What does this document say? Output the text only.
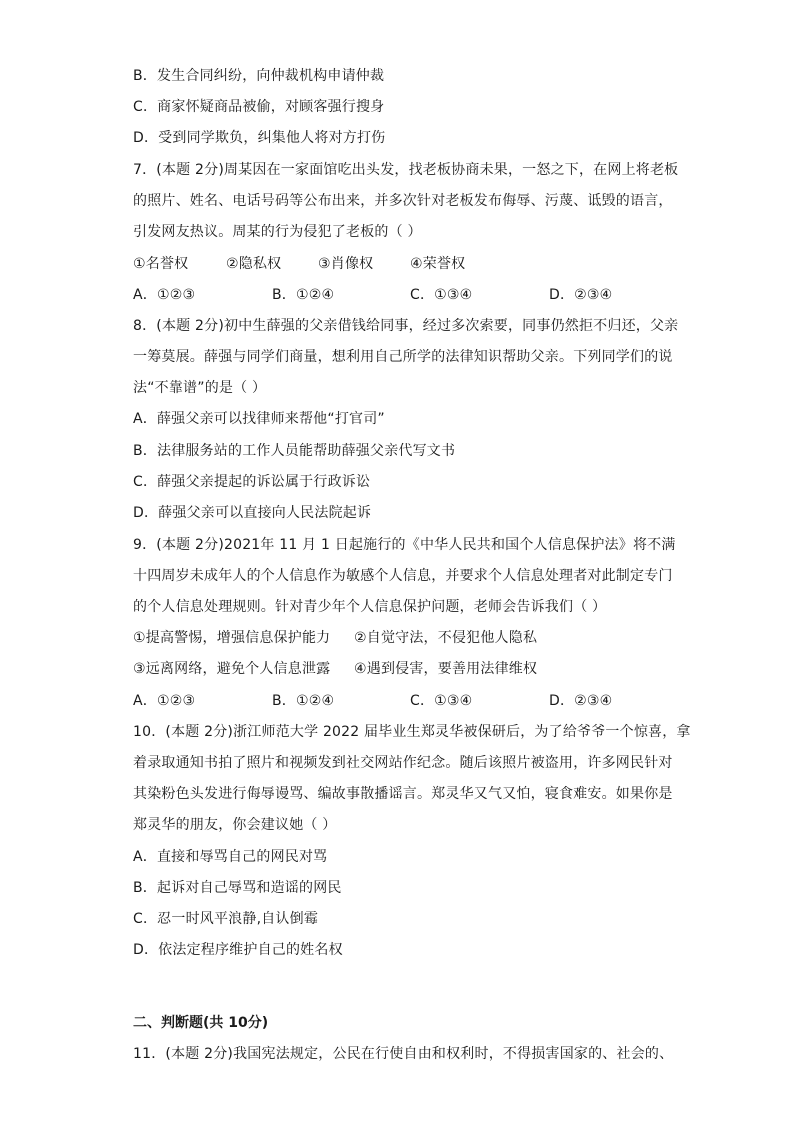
B．发生合同纠纷，向仲裁机构申请仲裁
C．商家怀疑商品被偷，对顾客强行搜身
D．受到同学欺负，纠集他人将对方打伤
7．(本题 2分)周某因在一家面馆吃出头发，找老板协商未果，一怒之下，在网上将老板
的照片、姓名、电话号码等公布出来，并多次针对老板发布侮辱、污蔑、诋毁的语言，
引发网友热议。周某的行为侵犯了老板的（ ）
①名誉权	②隐私权	③肖像权	④荣誉权
A．①②③	B．①②④	C．①③④	D．②③④
8．(本题 2分)初中生薛强的父亲借钱给同事，经过多次索要，同事仍然拒不归还，父亲
一筹莫展。薛强与同学们商量，想利用自己所学的法律知识帮助父亲。下列同学们的说
法“不靠谱”的是（ ）
A．薛强父亲可以找律师来帮他“打官司”
B．法律服务站的工作人员能帮助薛强父亲代写文书
C．薛强父亲提起的诉讼属于行政诉讼
D．薛强父亲可以直接向人民法院起诉
9．(本题 2分)2021年 11 月 1 日起施行的《中华人民共和国个人信息保护法》将不满
十四周岁未成年人的个人信息作为敏感个人信息，并要求个人信息处理者对此制定专门
的个人信息处理规则。针对青少年个人信息保护问题，老师会告诉我们（ ）
①提高警惕，增强信息保护能力 ②自觉守法，不侵犯他人隐私
③远离网络，避免个人信息泄露 ④遇到侵害，要善用法律维权
A．①②③	B．①②④	C．①③④	D．②③④
10．(本题 2分)浙江师范大学 2022 届毕业生郑灵华被保研后，为了给爷爷一个惊喜，拿
着录取通知书拍了照片和视频发到社交网站作纪念。随后该照片被盗用，许多网民针对
其染粉色头发进行侮辱谩骂、编故事散播谣言。郑灵华又气又怕，寝食难安。如果你是
郑灵华的朋友，你会建议她（ ）
A．直接和辱骂自己的网民对骂
B．起诉对自己辱骂和造谣的网民
C．忍一时风平浪静,自认倒霉
D．依法定程序维护自己的姓名权
二、判断题(共 10分)
11．(本题 2分)我国宪法规定，公民在行使自由和权利时，不得损害国家的、社会的、
